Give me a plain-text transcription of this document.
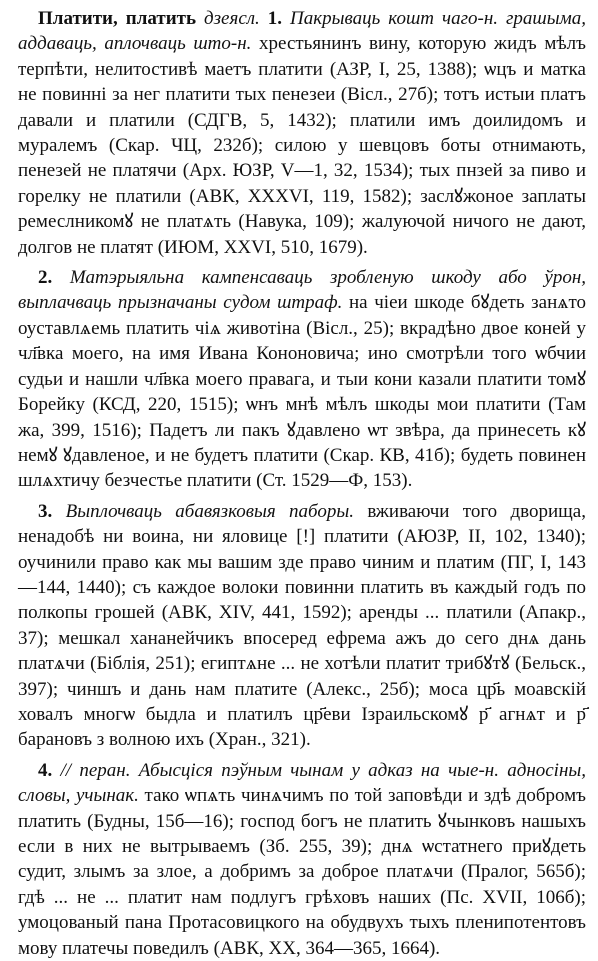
Платити, платить дзеясл. 1. Пакрываць кошт чаго-н. грашыма, аддаваць, аплочваць што-н. хрестьянинъ вину, которую жидъ мѣлъ терпѣти, нелитостивѣ маетъ платити (АЗР, I, 25, 1388); ѡцъ и матка не повинні за нег платити тых пенезеи (Вісл., 27б); тотъ истыи платъ давали и платили (СДГВ, 5, 1432); платили имъ доилидомъ и муралемъ (Скар. ЧЦ, 232б); силою у шевцовъ боты отнимають, пенезей не платячи (Арх. ЮЗР, V—1, 32, 1534); тых пнзей за пиво и горелку не платили (АВК, XXXVI, 119, 1582); заслꙋжоное заплаты ремеслникомꙋ не платѧть (Навука, 109); жалуючой ничого не дают, долгов не платят (ИЮМ, XXVI, 510, 1679).

2. Матэрыяльна кампенсаваць зробленую шкоду або ўрон, выплачваць прызначаны судом штраф. на чіеи шкоде бꙋдеть занѧто оуставлѧемь платить чіѧ животіна (Вісл., 25); вкрадѣно двое коней у чл҃вка моего, на имя Ивана Кононовича; ино смотрѣли того ѡбчии судьи и нашли чл҃вка моего правага, и тыи кони казали платити томꙋ Борейку (КСД, 220, 1515); ѡнъ мнѣ мѣлъ шкоды мои платити (Там жа, 399, 1516); Падетъ ли пакъ ꙋдавлено ѡт звѣра, да принесеть кꙋ немꙋ ꙋдавленое, и не будетъ платити (Скар. КВ, 41б); будеть повинен шлѧхтичу безчестье платити (Ст. 1529—Ф, 153).

3. Выплочваць абавязковыя паборы. вживаючи того дворища, ненадобѣ ни воина, ни яловице [!] платити (АЮЗР, II, 102, 1340); оучинили право как мы вашим зде право чиним и платим (ПГ, I, 143—144, 1440); съ каждое волоки повинни платить въ каждый годъ по полкопы грошей (АВК, XIV, 441, 1592); аренды ... платили (Апакр., 37); мешкал хананейчикъ впосеред ефрема ажъ до сего днѧ дань платѧчи (Біблія, 251); египтѧне ... не хотѣли платит трибꙋтꙋ (Бельск., 397); чиншъ и дань нам платите (Алекс., 25б); моса цр҃ь моавскій ховалъ многѡ быдла и платилъ цр҃еви Ізраильскомꙋ р҃ агнѧт и р҃ барановъ з волною ихъ (Хран., 321).

4. // перан. Абысціся пэўным чынам у адказ на чые-н. адносіны, словы, учынак. тако ѡпѧть чинѧчимъ по той заповѣди и здѣ добромъ платить (Будны, 15б—16); господ богъ не платить ꙋчынковъ нашыхъ если в них не вытрываемъ (Зб. 255, 39); днѧ ѡстатнего приꙋдеть судит, злымъ за злое, а добримъ за доброе платѧчи (Пралог, 565б); гдѣ ... не ... платит нам подлугъ грѣховъ наших (Пс. XVII, 106б); умоцованый пана Протасовицкого на обудвухъ тыхъ пленипотентовъ мову платечы поведилъ (АВК, ХХ, 364—365, 1664).
